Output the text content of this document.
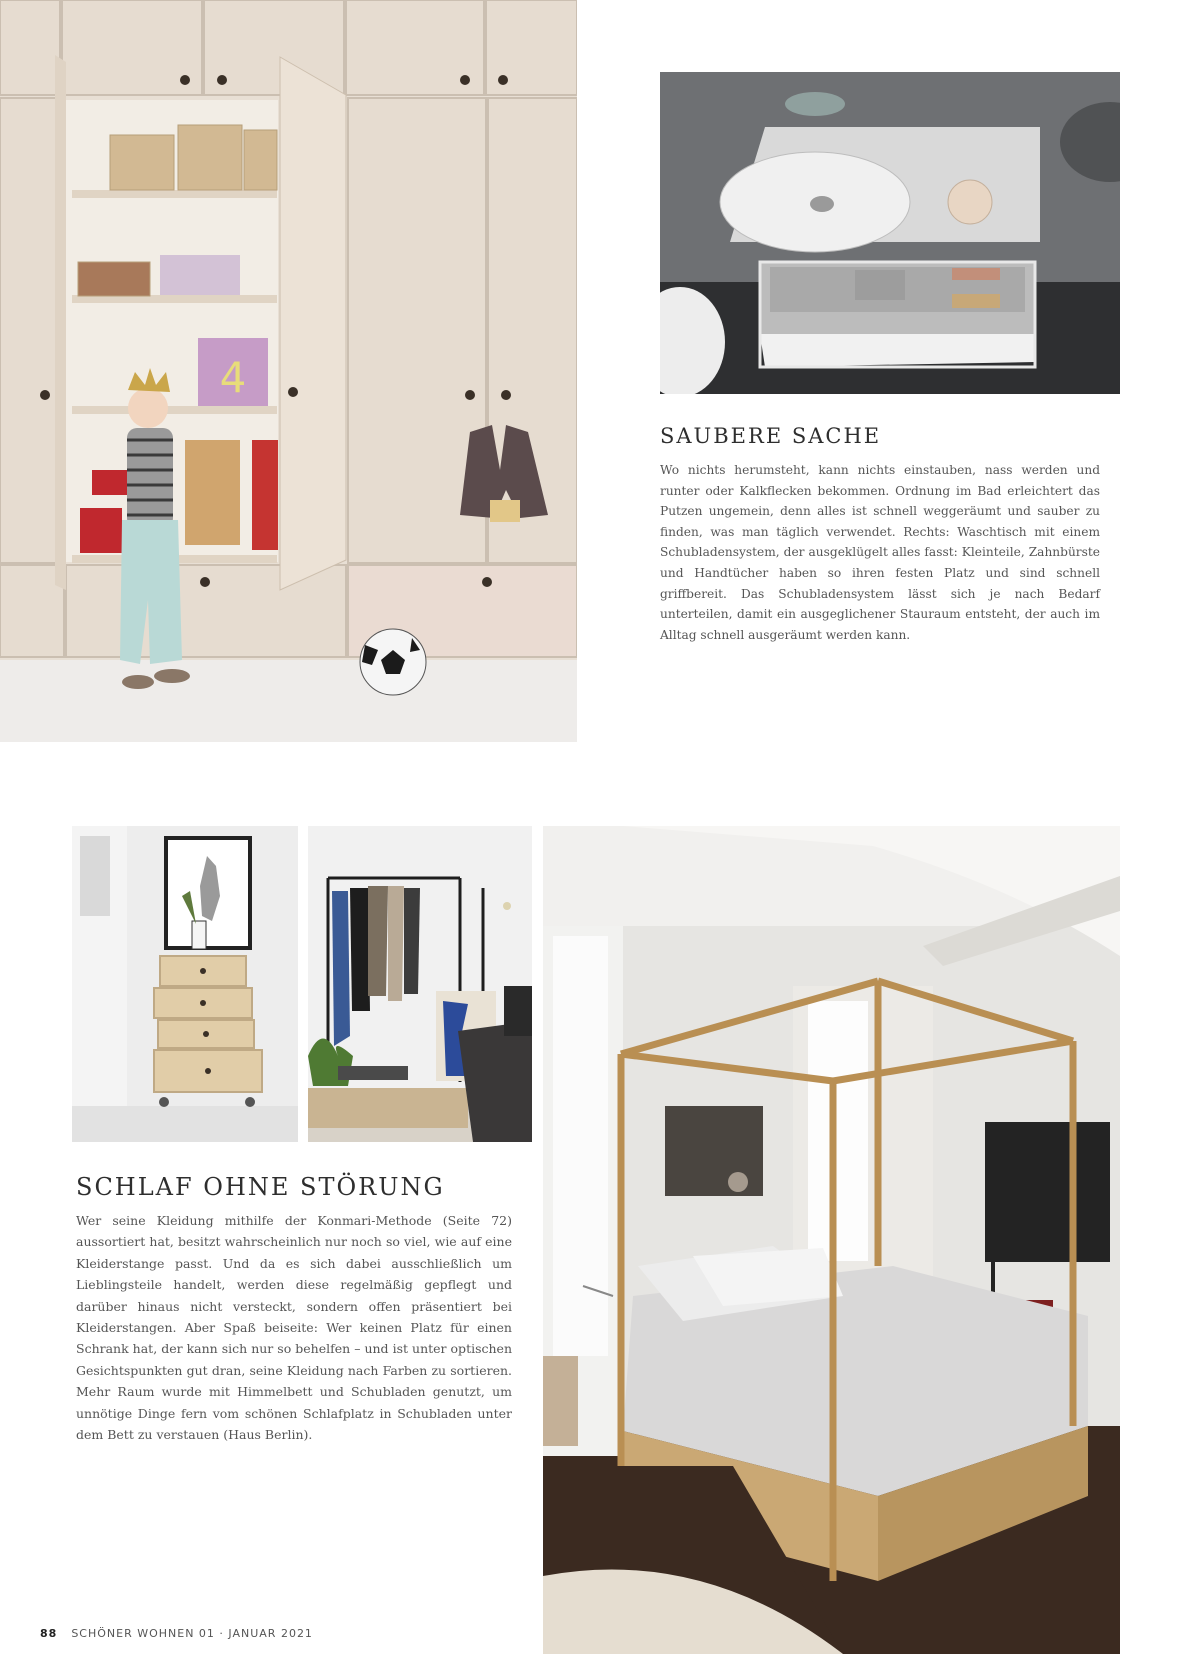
4
SAUBERE SACHE

Wo nichts herumsteht, kann nichts einstauben, nass werden und runter oder Kalkflecken bekommen. Ordnung im Bad erleichtert das Putzen ungemein, denn alles ist schnell weggeräumt und sauber zu finden, was man täglich verwendet. Rechts: Waschtisch mit einem Schubladensystem, der ausgeklügelt alles fasst: Kleinteile, Zahnbürste und Handtücher haben so ihren festen Platz und sind schnell griffbereit. Das Schubladensystem lässt sich je nach Bedarf unterteilen, damit ein ausgeglichener Stauraum entsteht, der auch im Alltag schnell ausgeräumt werden kann.

SCHLAF OHNE STÖRUNG

Wer seine Kleidung mithilfe der Konmari-Methode (Seite 72) aussortiert hat, besitzt wahrscheinlich nur noch so viel, wie auf eine Kleiderstange passt. Und da es sich dabei ausschließlich um Lieblingsteile handelt, werden diese regelmäßig gepflegt und darüber hinaus nicht versteckt, sondern offen präsentiert bei Kleiderstangen. Aber Spaß beiseite: Wer keinen Platz für einen Schrank hat, der kann sich nur so behelfen – und ist unter optischen Gesichtspunkten gut dran, seine Kleidung nach Farben zu sortieren. Mehr Raum wurde mit Himmelbett und Schubladen genutzt, um unnötige Dinge fern vom schönen Schlafplatz in Schubladen unter dem Bett zu verstauen (Haus Berlin).

88 SCHÖNER WOHNEN 01 · JANUAR 2021
